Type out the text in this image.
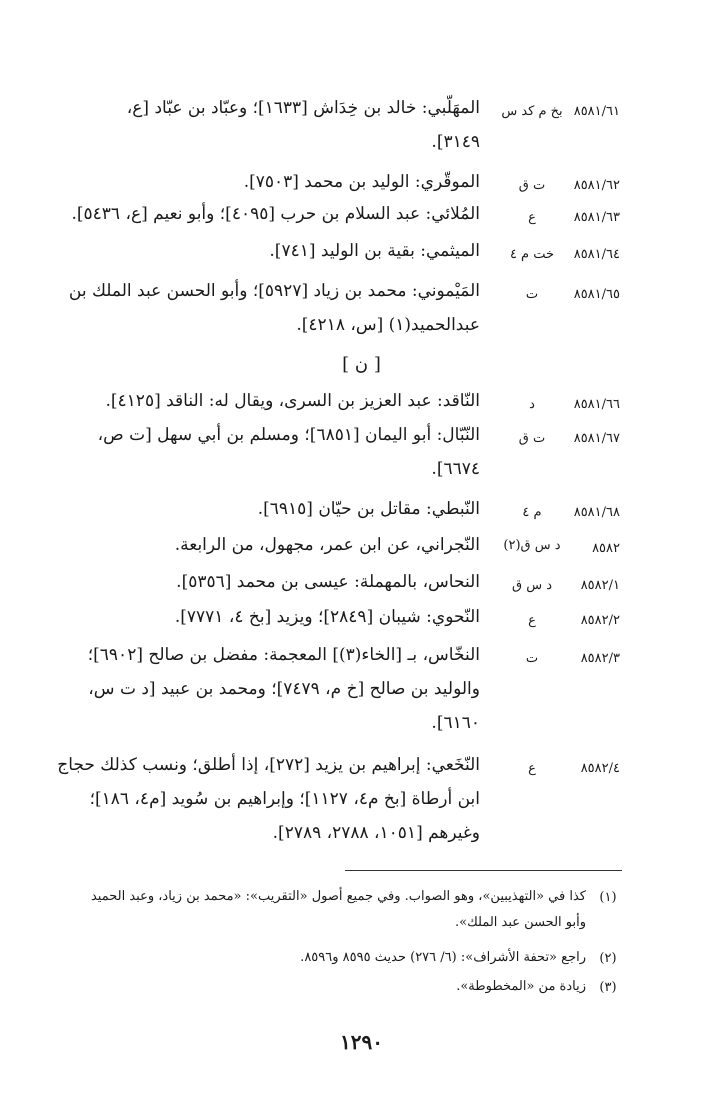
٨٥٨١/٦١
بخ م كد س
المهَلّبي: خالد بن خِدَاش [١٦٣٣]؛ وعبّاد بن عبّاد [ع،
٣١٤٩].
٨٥٨١/٦٢
ت ق
الموقّري: الوليد بن محمد [٧٥٠٣].
٨٥٨١/٦٣
ع
المُلائي: عبد السلام بن حرب [٤٠٩٥]؛ وأبو نعيم [ع، ٥٤٣٦].
٨٥٨١/٦٤
خت م ٤
الميثمي: بقية بن الوليد [٧٤١].
٨٥٨١/٦٥
ت
المَيْموني: محمد بن زياد [٥٩٢٧]؛ وأبو الحسن عبد الملك بن
عبدالحميد(١) [س، ٤٢١٨].
[ ن ]
٨٥٨١/٦٦
د
النّاقد: عبد العزيز بن السرى، ويقال له: الناقد [٤١٢٥].
٨٥٨١/٦٧
ت ق
النّبّال: أبو اليمان [٦٨٥١]؛ ومسلم بن أبي سهل [ت ص،
٦٦٧٤].
٨٥٨١/٦٨
م ٤
النّبطي: مقاتل بن حيّان [٦٩١٥].
٨٥٨٢
د س ق(٢)
النّجراني، عن ابن عمر، مجهول، من الرابعة.
٨٥٨٢/١
د س ق
النحاس، بالمهملة: عيسى بن محمد [٥٣٥٦].
٨٥٨٢/٢
ع
النّحوي: شيبان [٢٨٤٩]؛ ويزيد [بخ ٤، ٧٧٧١].
٨٥٨٢/٣
ت
النخّاس، بـ [الخاء(٣)] المعجمة: مفضل بن صالح [٦٩٠٢]؛
والوليد بن صالح [خ م، ٧٤٧٩]؛ ومحمد بن عبيد [د ت س،
٦١٦٠].
٨٥٨٢/٤
ع
النّخَعي: إبراهيم بن يزيد [٢٧٢]، إذا أطلق؛ ونسب كذلك حجاج
ابن أرطاة [بخ م٤، ١١٢٧]؛ وإبراهيم بن سُويد [م٤، ١٨٦]؛
وغيرهم [١٠٥١، ٢٧٨٨، ٢٧٨٩].
(١)
كذا في «التهذيبين»، وهو الصواب. وفي جميع أصول «التقريب»: «محمد بن زياد، وعبد الحميد
وأبو الحسن عبد الملك».
(٢)
راجع «تحفة الأشراف»: (٦/ ٢٧٦) حديث ٨٥٩٥ و٨٥٩٦.
(٣)
زيادة من «المخطوطة».
١٢٩٠
